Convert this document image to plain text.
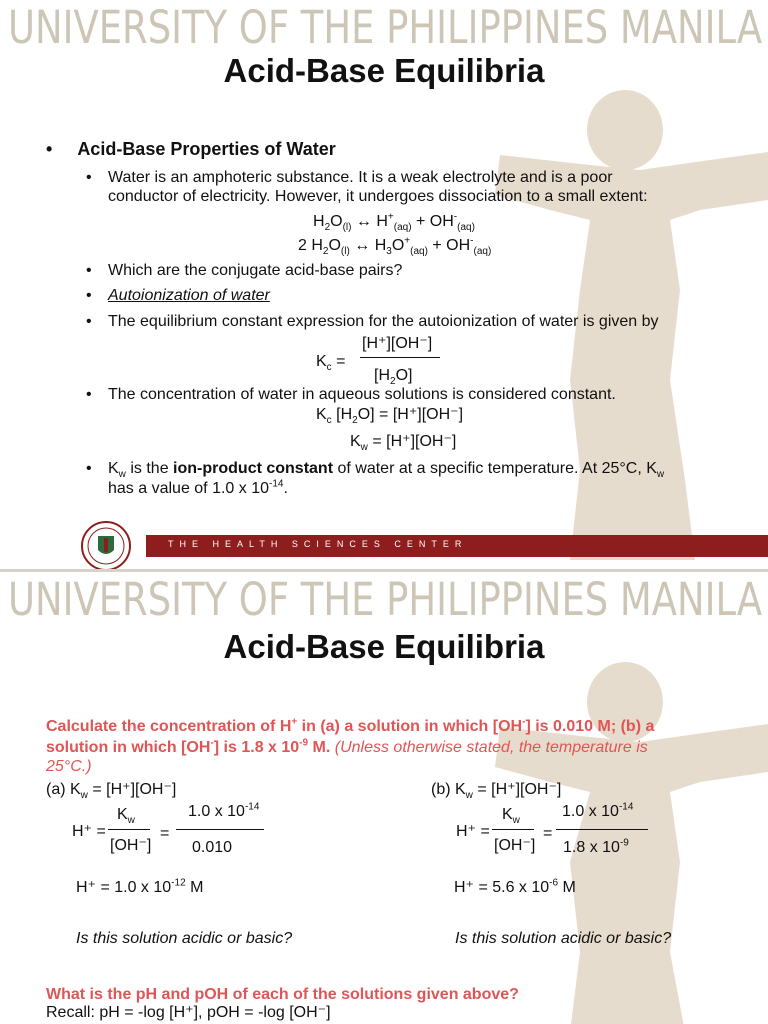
UNIVERSITY OF THE PHILIPPINES MANILA
Acid-Base Equilibria
•     Acid-Base Properties of Water
• Water is an amphoteric substance. It is a weak electrolyte and is a poor
conductor of electricity. However, it undergoes dissociation to a small extent:
$H_2O_{(l)}$ ↔ $H^+_{(aq)} + OH^-_{(aq)}$
2 $H_2O_{(l)}$ ↔ $H_3O^+_{(aq)} + OH^-_{(aq)}$
• Which are the conjugate acid-base pairs?
• Autoionization of water
• The equilibrium constant expression for the autoionization of water is given by
$K_c$ =
[H⁺][OH⁻]
$[H_2O]$
• The concentration of water in aqueous solutions is considered constant.
$K_c$ $[H_2O] = [H^+][OH^-]$
$K_w = [H^+][OH^-]$
• $K_w$ is the ion-product constant of water at a specific temperature. At 25°C, $K_w$
has a value of 1.0 x $10^{-14}$.
THE HEALTH SCIENCES CENTER
UNIVERSITY OF THE PHILIPPINES MANILA
Acid-Base Equilibria
Calculate the concentration of H+ in (a) a solution in which [OH-] is 0.010 M; (b) a
solution in which [OH-] is 1.8 x $10^{-9}$ M. (Unless otherwise stated, the temperature is
25°C.)
(a) $K_w = [H^+][OH^-]$	(b) $K_w = [H^+][OH^-]$
H⁺ =
$K_w$
[OH⁻]
=
1.0 x $10^{-14}$
0.010
H⁺ =
$K_w$
[OH⁻]
=
1.0 x $10^{-14}$
1.8 x $10^{-9}$
H⁺ = 1.0 x $10^{-12}$ M	H⁺ = 5.6 x $10^{-6}$ M
Is this solution acidic or basic?	Is this solution acidic or basic?
What is the pH and pOH of each of the solutions given above?
Recall: pH = -log [H⁺], pOH = -log [OH⁻]
